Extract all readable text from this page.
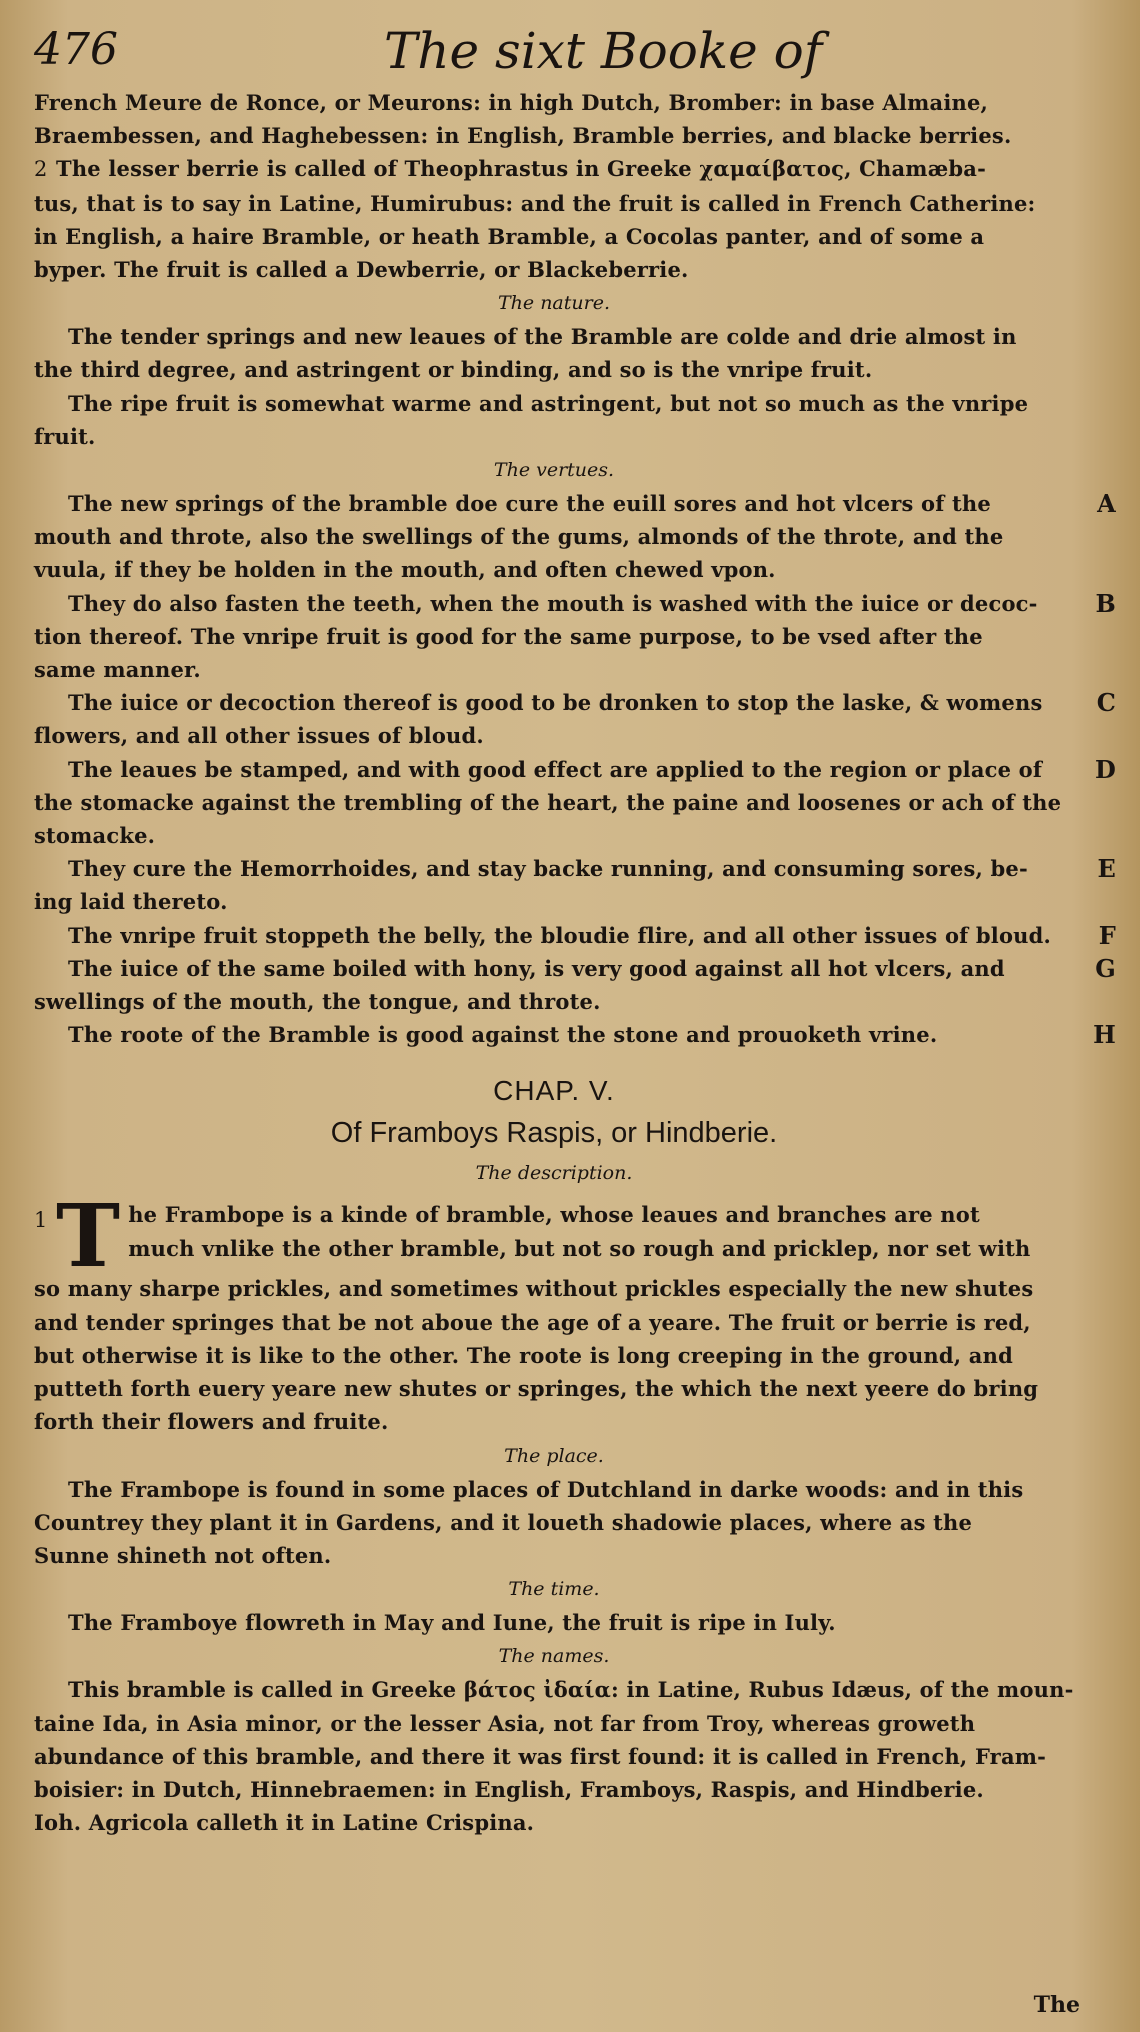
476	The sixt Booke of

French Meure de Ronce, or Meurons: in high Dutch, Bromber: in base Almaine,
Braembessen, and Haghebessen: in English, Bramble berries, and blacke berries.

2 The lesser berrie is called of Theophrastus in Greeke χαμαίβατος, Chamæba-
tus, that is to say in Latine, Humirubus: and the fruit is called in French Catherine:
in English, a haire Bramble, or heath Bramble, a Cocolas panter, and of some a
byper. The fruit is called a Dewberrie, or Blackeberrie.

The nature.

The tender springs and new leaues of the Bramble are colde and drie almost in
the third degree, and astringent or binding, and so is the vnripe fruit.

The ripe fruit is somewhat warme and astringent, but not so much as the vnripe
fruit.

The vertues.

A
The new springs of the bramble doe cure the euill sores and hot vlcers of the
mouth and throte, also the swellings of the gums, almonds of the throte, and the
vuula, if they be holden in the mouth, and often chewed vpon.

B
They do also fasten the teeth, when the mouth is washed with the iuice or decoc-
tion thereof. The vnripe fruit is good for the same purpose, to be vsed after the
same manner.

C
The iuice or decoction thereof is good to be dronken to stop the laske, & womens
flowers, and all other issues of bloud.

D
The leaues be stamped, and with good effect are applied to the region or place of
the stomacke against the trembling of the heart, the paine and loosenes or ach of the
stomacke.

E
They cure the Hemorrhoides, and stay backe running, and consuming sores, be-
ing laid thereto.

F
The vnripe fruit stoppeth the belly, the bloudie flire, and all other issues of bloud.

G
The iuice of the same boiled with hony, is very good against all hot vlcers, and
swellings of the mouth, the tongue, and throte.

H
The roote of the Bramble is good against the stone and prouoketh vrine.

CHAP. V.
Of Framboys Raspis, or Hindberie.
The description.

1 T he Frambope is a kinde of bramble, whose leaues and branches are not
much vnlike the other bramble, but not so rough and pricklep, nor set with
so many sharpe prickles, and sometimes without prickles especially the new shutes
and tender springes that be not aboue the age of a yeare. The fruit or berrie is red,
but otherwise it is like to the other. The roote is long creeping in the ground, and
putteth forth euery yeare new shutes or springes, the which the next yeere do bring
forth their flowers and fruite.

The place.

The Frambope is found in some places of Dutchland in darke woods: and in this
Countrey they plant it in Gardens, and it loueth shadowie places, where as the
Sunne shineth not often.

The time.

The Framboye flowreth in May and Iune, the fruit is ripe in Iuly.

The names.

This bramble is called in Greeke βάτος ἰδαία: in Latine, Rubus Idæus, of the moun-
taine Ida, in Asia minor, or the lesser Asia, not far from Troy, whereas groweth
abundance of this bramble, and there it was first found: it is called in French, Fram-
boisier: in Dutch, Hinnebraemen: in English, Framboys, Raspis, and Hindberie.
Ioh. Agricola calleth it in Latine Crispina.

The
